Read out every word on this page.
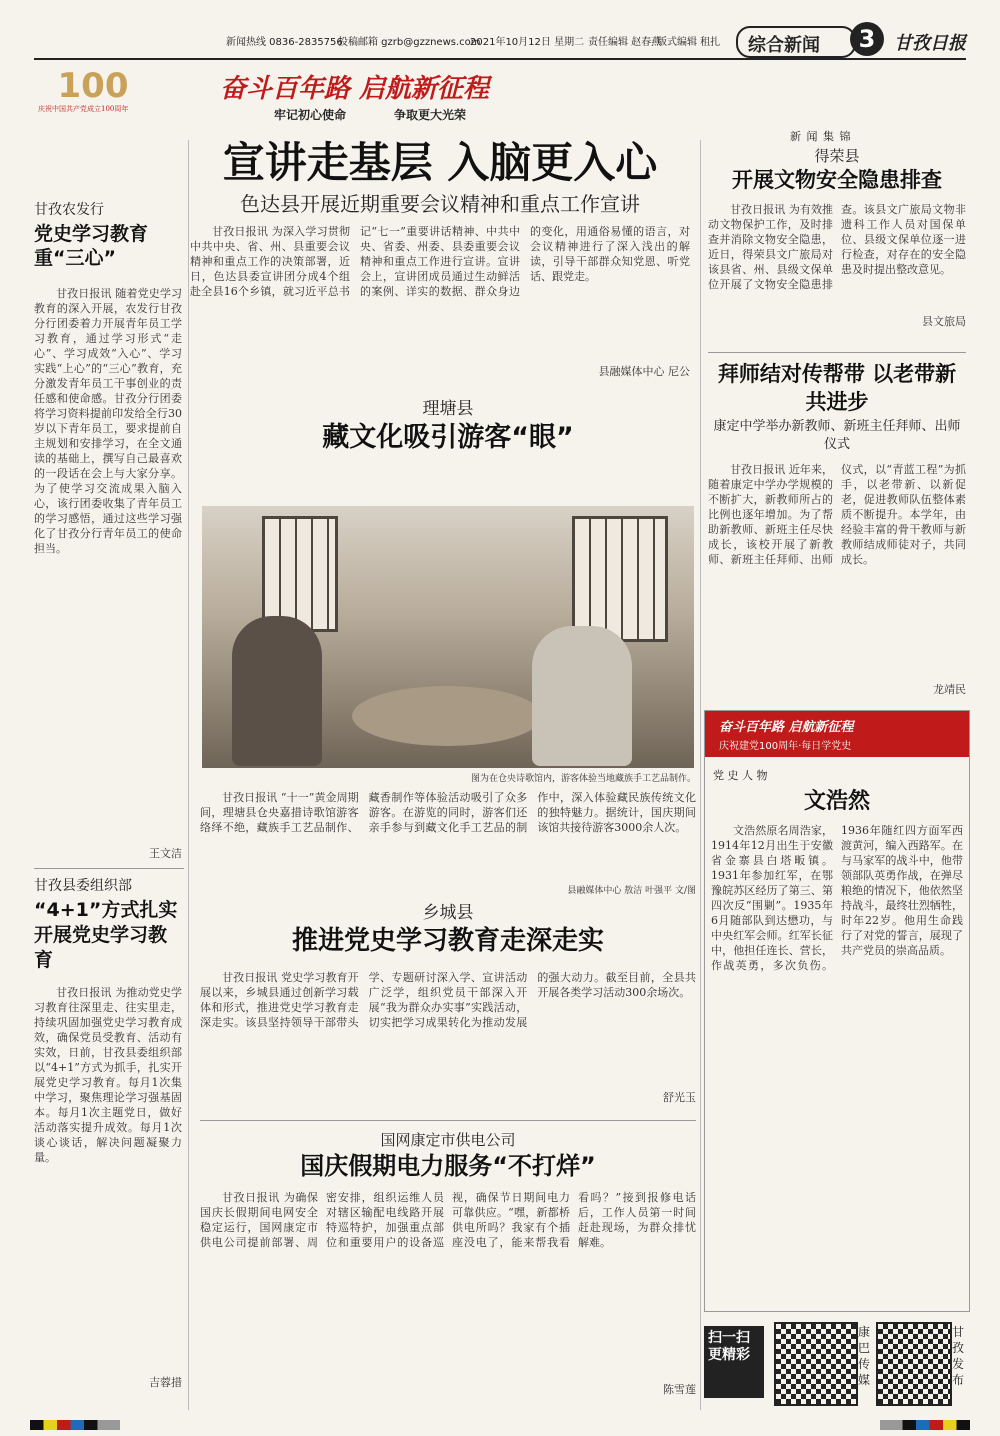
新闻热线 0836-2835756
投稿邮箱 gzrb@gzznews.com
2021年10月12日 星期二 责任编辑 赵春燕
版式编辑 租扎 综合新闻	3	甘孜日报
100
庆祝中国共产党成立100周年
奋斗百年路 启航新征程
牢记初心使命	争取更大光荣
宣讲走基层 入脑更入心
色达县开展近期重要会议精神和重点工作宣讲

甘孜日报讯 为深入学习贯彻中共中央、省、州、县重要会议精神和重点工作的决策部署，近日，色达县委宣讲团分成4个组赴全县16个乡镇，就习近平总书记“七一”重要讲话精神、中共中央、省委、州委、县委重要会议精神和重点工作进行宣讲。宣讲会上，宣讲团成员通过生动鲜活的案例、详实的数据、群众身边的变化，用通俗易懂的语言，对会议精神进行了深入浅出的解读，引导干部群众知党恩、听党话、跟党走。

县融媒体中心 尼公
甘孜农发行
党史学习教育重“三心”

甘孜日报讯 随着党史学习教育的深入开展，农发行甘孜分行团委着力开展青年员工学习教育，通过学习形式“走心”、学习成效“入心”、学习实践“上心”的“三心”教育，充分激发青年员工干事创业的责任感和使命感。甘孜分行团委将学习资料提前印发给全行30岁以下青年员工，要求提前自主规划和安排学习，在全文通读的基础上，撰写自己最喜欢的一段话在会上与大家分享。为了使学习交流成果入脑入心，该行团委收集了青年员工的学习感悟，通过这些学习强化了甘孜分行青年员工的使命担当。

王文洁
甘孜县委组织部
“4+1”方式扎实开展党史学习教育

甘孜日报讯 为推动党史学习教育往深里走、往实里走，持续巩固加强党史学习教育成效，确保党员受教育、活动有实效，日前，甘孜县委组织部以“4+1”方式为抓手，扎实开展党史学习教育。每月1次集中学习，聚焦理论学习强基固本。每月1次主题党日，做好活动落实提升成效。每月1次谈心谈话，解决问题凝聚力量。

吉蓉措
理塘县
藏文化吸引游客“眼”
图为在仓央诗歌馆内，游客体验当地藏族手工艺品制作。

甘孜日报讯 “十一”黄金周期间，理塘县仓央嘉措诗歌馆游客络绎不绝，藏族手工艺品制作、藏香制作等体验活动吸引了众多游客。在游览的同时，游客们还亲手参与到藏文化手工艺品的制作中，深入体验藏民族传统文化的独特魅力。据统计，国庆期间该馆共接待游客3000余人次。

县融媒体中心 敖洁 叶强平 文/图
乡城县
推进党史学习教育走深走实

甘孜日报讯 党史学习教育开展以来，乡城县通过创新学习载体和形式，推进党史学习教育走深走实。该县坚持领导干部带头学、专题研讨深入学、宣讲活动广泛学，组织党员干部深入开展“我为群众办实事”实践活动，切实把学习成果转化为推动发展的强大动力。截至目前，全县共开展各类学习活动300余场次。

舒光玉
国网康定市供电公司
国庆假期电力服务“不打烊”

甘孜日报讯 为确保国庆长假期间电网安全稳定运行，国网康定市供电公司提前部署、周密安排，组织运维人员对辖区输配电线路开展特巡特护，加强重点部位和重要用户的设备巡视，确保节日期间电力可靠供应。“嘿，新都桥供电所吗？我家有个插座没电了，能来帮我看看吗？”接到报修电话后，工作人员第一时间赶赴现场，为群众排忧解难。

陈雪莲
新 闻 集 锦
得荣县
开展文物安全隐患排查

甘孜日报讯 为有效推动文物保护工作，及时排查并消除文物安全隐患，近日，得荣县文广旅局对该县省、州、县级文保单位开展了文物安全隐患排查。该县文广旅局文物非遗科工作人员对国保单位、县级文保单位逐一进行检查，对存在的安全隐患及时提出整改意见。

县文旅局
拜师结对传帮带 以老带新共进步
康定中学举办新教师、新班主任拜师、出师仪式

甘孜日报讯 近年来，随着康定中学办学规模的不断扩大，新教师所占的比例也逐年增加。为了帮助新教师、新班主任尽快成长，该校开展了新教师、新班主任拜师、出师仪式，以“青蓝工程”为抓手，以老带新、以新促老，促进教师队伍整体素质不断提升。本学年，由经验丰富的骨干教师与新教师结成师徒对子，共同成长。

龙靖民
奋斗百年路 启航新征程
庆祝建党100周年·每日学党史
党 史 人 物
文浩然

文浩然原名周浩家，1914年12月出生于安徽省金寨县白塔畈镇。1931年参加红军，在鄂豫皖苏区经历了第三、第四次反“围剿”。1935年6月随部队到达懋功，与中央红军会师。红军长征中，他担任连长、营长，作战英勇，多次负伤。1936年随红四方面军西渡黄河，编入西路军。在与马家军的战斗中，他带领部队英勇作战，在弹尽粮绝的情况下，他依然坚持战斗，最终壮烈牺牲，时年22岁。他用生命践行了对党的誓言，展现了共产党员的崇高品质。

扫一扫 更精彩
康巴传媒
甘孜发布
